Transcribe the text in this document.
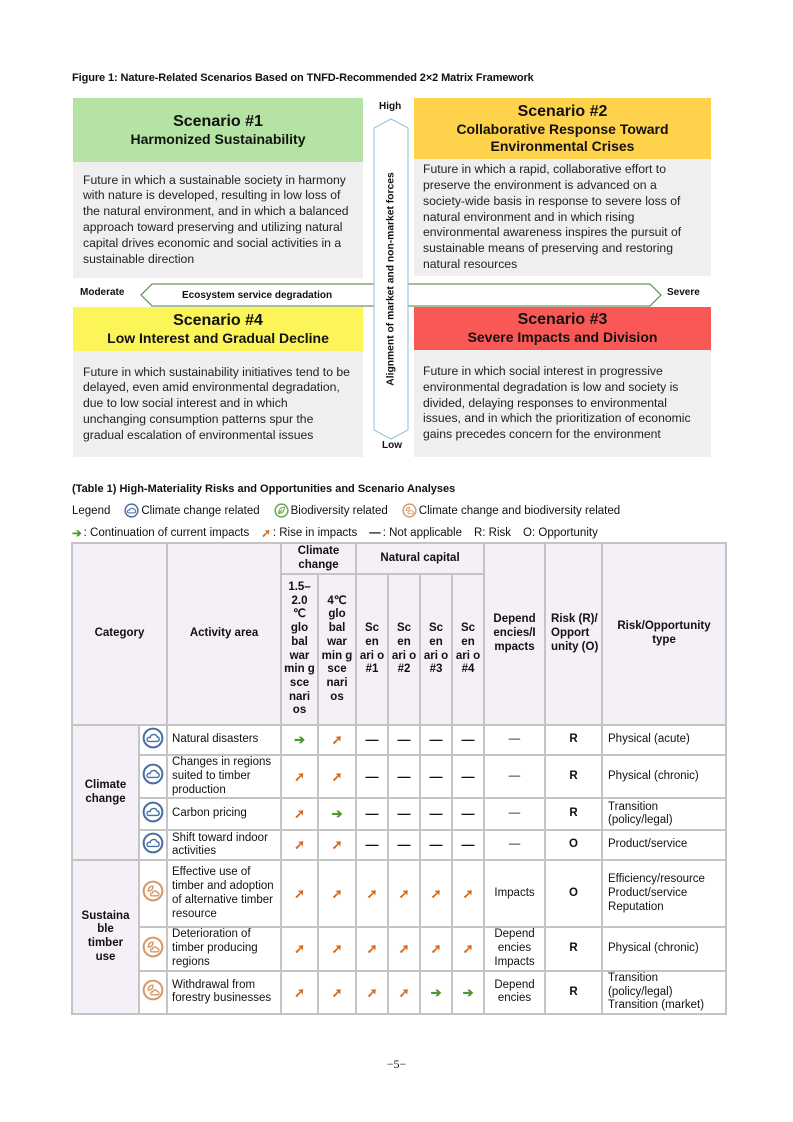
Figure 1: Nature-Related Scenarios Based on TNFD-Recommended 2×2 Matrix Framework
Scenario #1
Harmonized Sustainability
Future in which a sustainable society in harmony with nature is developed, resulting in low loss of the natural environment, and in which a balanced approach toward preserving and utilizing natural capital drives economic and social activities in a sustainable direction
Scenario #2
Collaborative Response Toward Environmental Crises
Future in which a rapid, collaborative effort to preserve the environment is advanced on a society-wide basis in response to severe loss of natural environment and in which rising environmental awareness inspires the pursuit of sustainable means of preserving and restoring natural resources
Scenario #4
Low Interest and Gradual Decline
Future in which sustainability initiatives tend to be delayed, even amid environmental degradation, due to low social interest and in which unchanging consumption patterns spur the gradual escalation of environmental issues
Scenario #3
Severe Impacts and Division
Future in which social interest in progressive environmental degradation is low and society is divided, delaying responses to environmental issues, and in which the prioritization of economic gains precedes concern for the environment
Ecosystem service degradation	Alignment of market and non-market forces
High
Low
Moderate	Severe
(Table 1) High-Materiality Risks and Opportunities and Scenario Analyses
Legend	Climate change related	Biodiversity related	Climate change and biodiversity related
➔ : Continuation of current impacts ➚ : Rise in impacts — : Not applicable R: Risk O: Opportunity
Category		Activity area	Climate change		Natural capital				Depend encies/I mpacts	Risk (R)/ Opport unity (O)	Risk/Opportunity type
			1.5– 2.0 ℃ glo bal war min g sce nari os	4℃ glo bal war min g sce nari os	Sc en ari o #1	Sc en ari o #2	Sc en ari o #3	Sc en ari o #4			
Climate change		Natural disasters	➔	➚	—	—	—	—	—	R	Physical (acute)
	Changes in regions suited to timber production	➚	➚	—	—	—	—	—	R	Physical (chronic)
	Carbon pricing	➚	➔	—	—	—	—	—	R	Transition (policy/legal)
	Shift toward indoor activities	➚	➚	—	—	—	—	—	O	Product/service
Sustaina ble timber use		Effective use of timber and adoption of alternative timber resource	➚	➚	➚	➚	➚	➚	Impacts	O	Efficiency/resource Product/service Reputation
	Deterioration of timber producing regions	➚	➚	➚	➚	➚	➚	Depend encies Impacts	R	Physical (chronic)
	Withdrawal from forestry businesses	➚	➚	➚	➚	➔	➔	Depend encies	R	Transition (policy/legal) Transition (market)
−5−
